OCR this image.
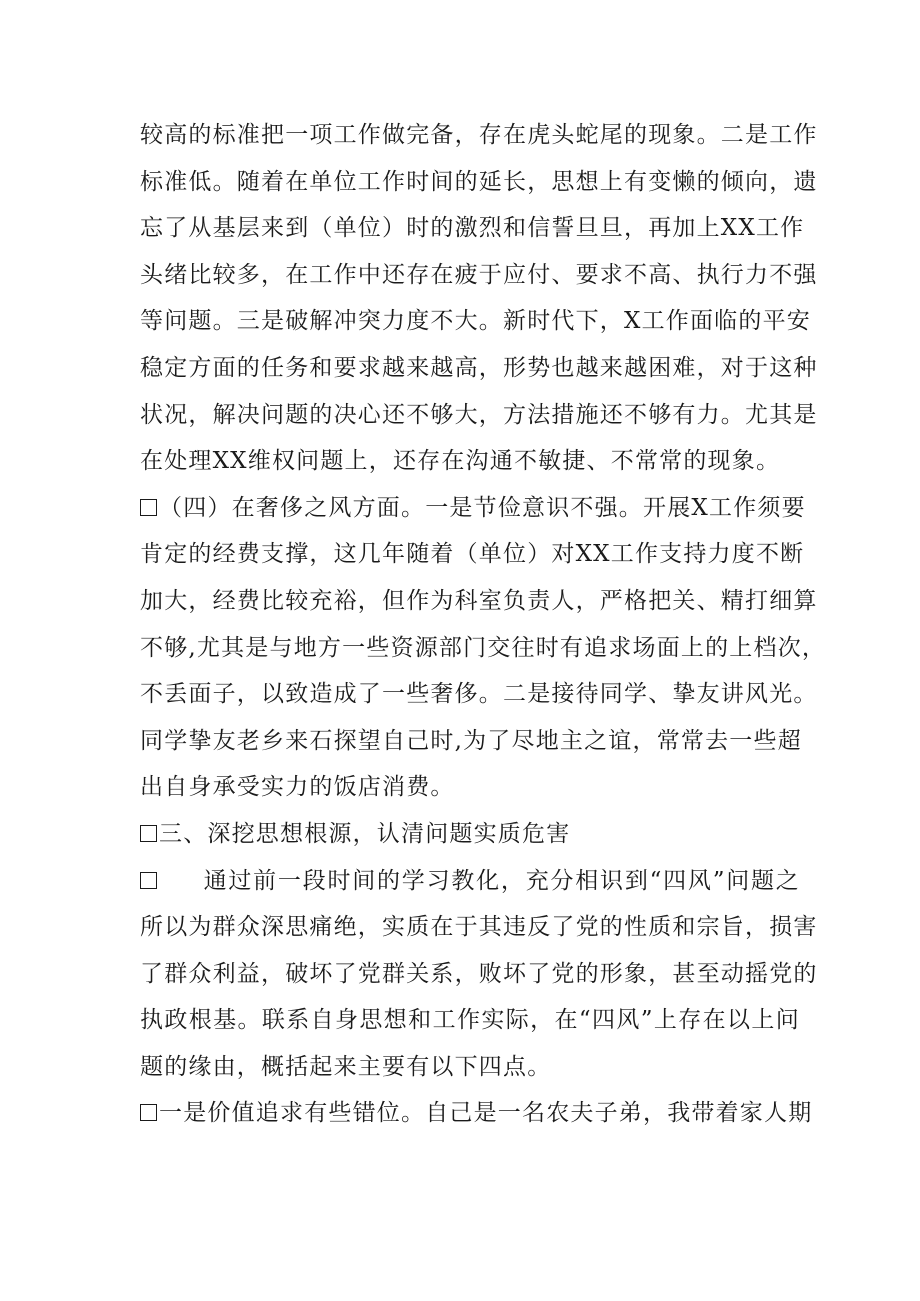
较高的标准把一项工作做完备，存在虎头蛇尾的现象。二是工作
标准低。随着在单位工作时间的延长，思想上有变懒的倾向，遗
忘了从基层来到（单位）时的激烈和信誓旦旦，再加上XX工作
头绪比较多，在工作中还存在疲于应付、要求不高、执行力不强
等问题。三是破解冲突力度不大。新时代下，X工作面临的平安
稳定方面的任务和要求越来越高，形势也越来越困难，对于这种
状况，解决问题的决心还不够大，方法措施还不够有力。尤其是
在处理XX维权问题上，还存在沟通不敏捷、不常常的现象。
（四）在奢侈之风方面。一是节俭意识不强。开展X工作须要
肯定的经费支撑，这几年随着（单位）对XX工作支持力度不断
加大，经费比较充裕，但作为科室负责人，严格把关、精打细算
不够,尤其是与地方一些资源部门交往时有追求场面上的上档次，
不丢面子，以致造成了一些奢侈。二是接待同学、挚友讲风光。
同学挚友老乡来石探望自己时,为了尽地主之谊，常常去一些超
出自身承受实力的饭店消费。
三、深挖思想根源，认清问题实质危害
通过前一段时间的学习教化，充分相识到“四风”问题之
所以为群众深思痛绝，实质在于其违反了党的性质和宗旨，损害
了群众利益，破坏了党群关系，败坏了党的形象，甚至动摇党的
执政根基。联系自身思想和工作实际，在“四风”上存在以上问
题的缘由，概括起来主要有以下四点。
一是价值追求有些错位。自己是一名农夫子弟，我带着家人期
